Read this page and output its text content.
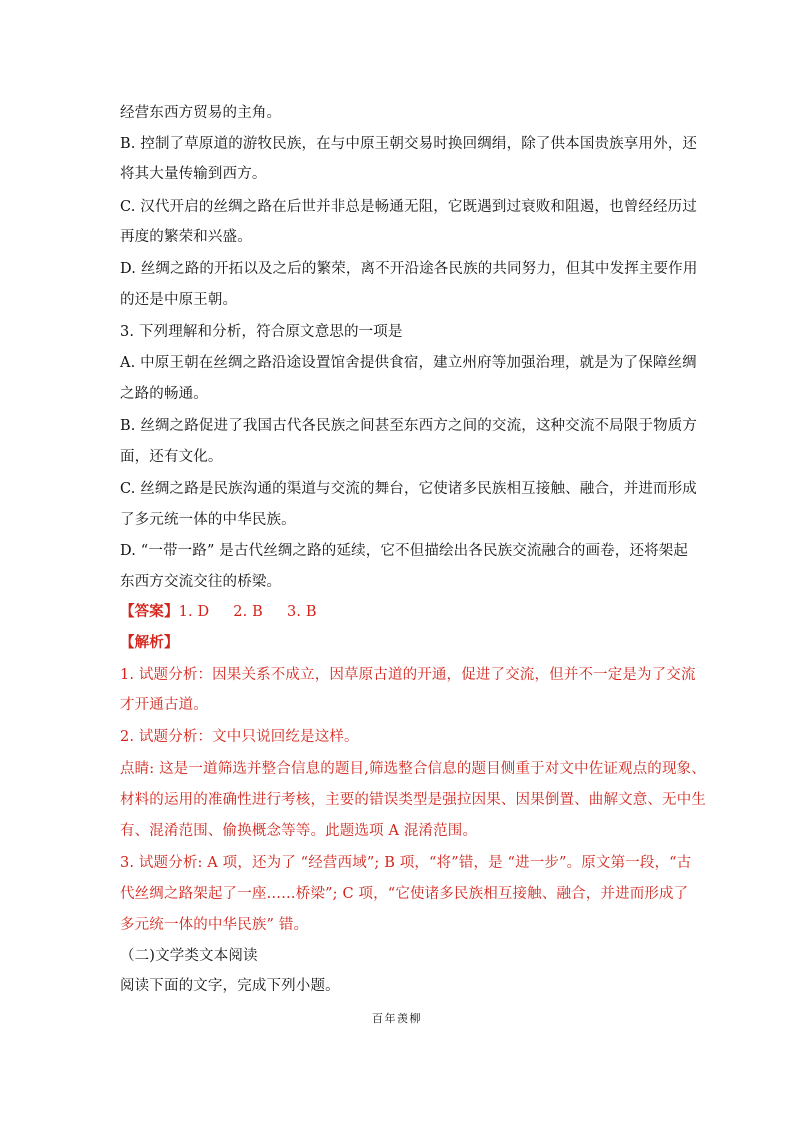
经营东西方贸易的主角。
B. 控制了草原道的游牧民族，在与中原王朝交易时换回绸绢，除了供本国贵族享用外，还
将其大量传输到西方。
C. 汉代开启的丝绸之路在后世并非总是畅通无阻，它既遇到过衰败和阻遏，也曾经经历过
再度的繁荣和兴盛。
D. 丝绸之路的开拓以及之后的繁荣，离不开沿途各民族的共同努力，但其中发挥主要作用
的还是中原王朝。
3. 下列理解和分析，符合原文意思的一项是
A. 中原王朝在丝绸之路沿途设置馆舍提供食宿，建立州府等加强治理，就是为了保障丝绸
之路的畅通。
B. 丝绸之路促进了我国古代各民族之间甚至东西方之间的交流，这种交流不局限于物质方
面，还有文化。
C. 丝绸之路是民族沟通的渠道与交流的舞台，它使诸多民族相互接触、融合，并进而形成
了多元统一体的中华民族。
D. “一带一路” 是古代丝绸之路的延续，它不但描绘出各民族交流融合的画卷，还将架起
东西方交流交往的桥梁。
【答案】1. D 2. B 3. B
【解析】
1. 试题分析：因果关系不成立，因草原古道的开通，促进了交流，但并不一定是为了交流
才开通古道。
2. 试题分析：文中只说回纥是这样。
点睛: 这是一道筛选并整合信息的题目,筛选整合信息的题目侧重于对文中佐证观点的现象、
材料的运用的准确性进行考核，主要的错误类型是强拉因果、因果倒置、曲解文意、无中生
有、混淆范围、偷换概念等等。此题选项 A 混淆范围。
3. 试题分析: A 项，还为了 “经营西域”; B 项，“将”错，是 “进一步”。原文第一段，“古
代丝绸之路架起了一座……桥梁”; C 项，“它使诸多民族相互接触、融合，并进而形成了
多元统一体的中华民族” 错。
（二)文学类文本阅读
阅读下面的文字，完成下列小题。
百年羡柳
